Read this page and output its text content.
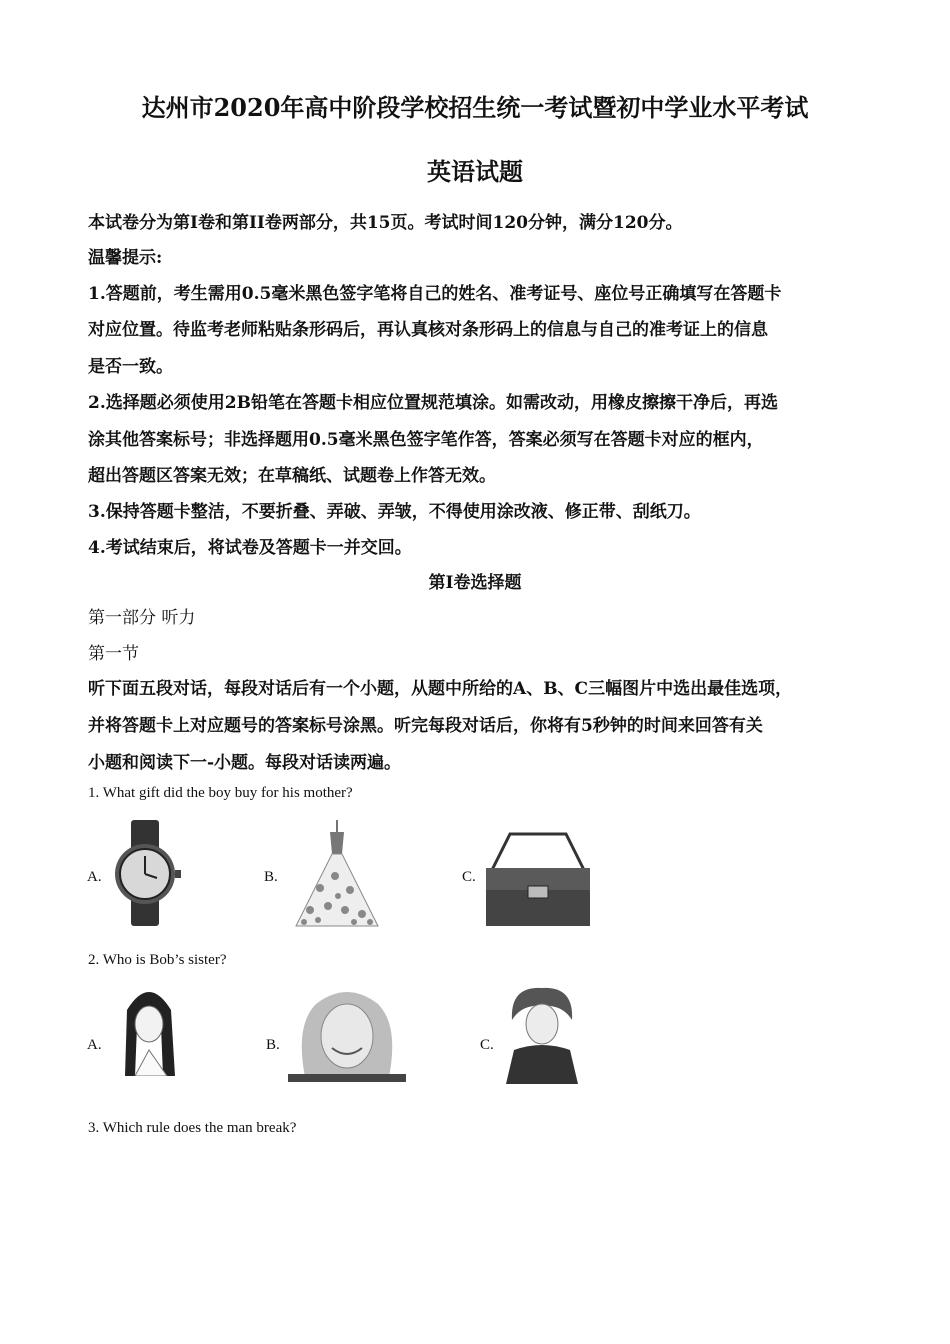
达州市2020年高中阶段学校招生统一考试暨初中学业水平考试
英语试题
本试卷分为第I卷和第II卷两部分，共15页。考试时间120分钟，满分120分。
温馨提示:
1.答题前，考生需用0.5毫米黑色签字笔将自己的姓名、准考证号、座位号正确填写在答题卡
对应位置。待监考老师粘贴条形码后，再认真核对条形码上的信息与自己的准考证上的信息
是否一致。
2.选择题必须使用2B铅笔在答题卡相应位置规范填涂。如需改动，用橡皮擦擦干净后，再选
涂其他答案标号；非选择题用0.5毫米黑色签字笔作答，答案必须写在答题卡对应的框内，
超出答题区答案无效；在草稿纸、试题卷上作答无效。
3.保持答题卡整洁，不要折叠、弄破、弄皱，不得使用涂改液、修正带、刮纸刀。
4.考试结束后，将试卷及答题卡一并交回。
第I卷选择题
第一部分 听力
第一节
听下面五段对话，每段对话后有一个小题，从题中所给的A、B、C三幅图片中选出最佳选项，
并将答题卡上对应题号的答案标号涂黑。听完每段对话后，你将有5秒钟的时间来回答有关
小题和阅读下一-小题。每段对话读两遍。
1. What gift did the boy buy for his mother?
A.	B.	C.
2. Who is Bob’s sister?
A.	B.	C.
3. Which rule does the man break?
